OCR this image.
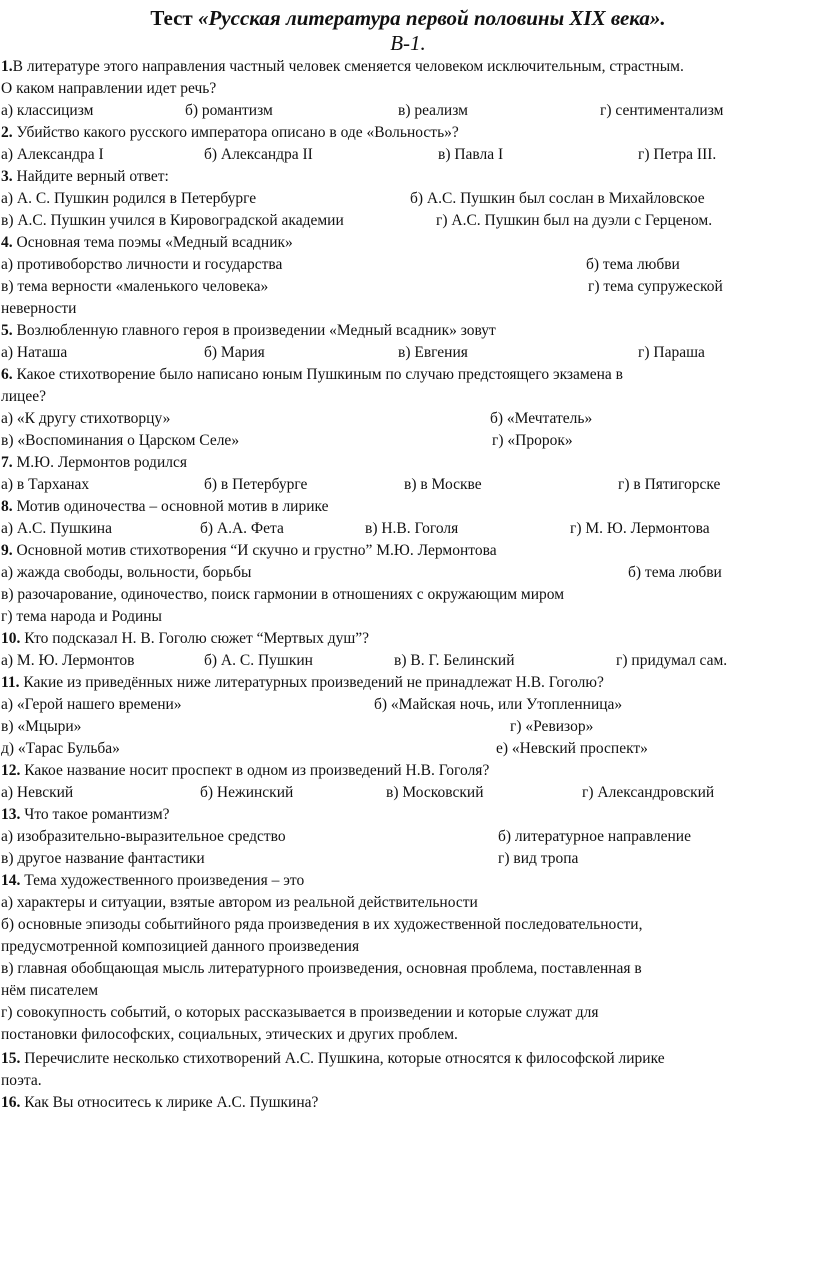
Тест «Русская литература первой половины XIX века».
В-1.
1.В литературе этого направления частный человек сменяется человеком исключительным, страстным.
О каком направлении идет речь?
а) классицизм	б) романтизм	в) реализм	г) сентиментализм
2. Убийство какого русского императора описано в оде «Вольность»?
а) Александра I	б) Александра II	в) Павла I	г) Петра III.
3. Найдите верный ответ:
а) А. С. Пушкин родился в Петербурге	б) А.С. Пушкин был сослан в Михайловское
в) А.С. Пушкин учился в Кировоградской академии	г) А.С. Пушкин был на дуэли с Герценом.
4. Основная тема поэмы «Медный всадник»
а) противоборство личности и государства	б) тема любви
в) тема верности «маленького человека»	г) тема супружеской
неверности
5. Возлюбленную главного героя в произведении «Медный всадник» зовут
а) Наташа	б) Мария	в) Евгения	г) Параша
6. Какое стихотворение было написано юным Пушкиным по случаю предстоящего экзамена в
лицее?
а) «К другу стихотворцу»	б) «Мечтатель»
в) «Воспоминания о Царском Селе»	г) «Пророк»
7. М.Ю. Лермонтов родился
а) в Тарханах	б) в Петербурге	в) в Москве	г) в Пятигорске
8. Мотив одиночества – основной мотив в лирике
а) А.С. Пушкина	б) А.А. Фета	в) Н.В. Гоголя	г) М. Ю. Лермонтова
9. Основной мотив стихотворения “И скучно и грустно” М.Ю. Лермонтова
а) жажда свободы, вольности, борьбы	б) тема любви
в) разочарование, одиночество, поиск гармонии в отношениях с окружающим миром
г) тема народа и Родины
10. Кто подсказал Н. В. Гоголю сюжет “Мертвых душ”?
а) М. Ю. Лермонтов	б) А. С. Пушкин	в) В. Г. Белинский	г) придумал сам.
11. Какие из приведённых ниже литературных произведений не принадлежат Н.В. Гоголю?
а) «Герой нашего времени»	б) «Майская ночь, или Утопленница»
в) «Мцыри»	г) «Ревизор»
д) «Тарас Бульба»	е) «Невский проспект»
12. Какое название носит проспект в одном из произведений Н.В. Гоголя?
а) Невский	б) Нежинский	в) Московский	г) Александровский
13. Что такое романтизм?
а) изобразительно-выразительное средство	б) литературное направление
в) другое название фантастики	г) вид тропа
14. Тема художественного произведения – это
а) характеры и ситуации, взятые автором из реальной действительности
б) основные эпизоды событийного ряда произведения в их художественной последовательности,
предусмотренной композицией данного произведения
в) главная обобщающая мысль литературного произведения, основная проблема, поставленная в
нём писателем
г) совокупность событий, о которых рассказывается в произведении и которые служат для
постановки философских, социальных, этических и других проблем.
15. Перечислите несколько стихотворений А.С. Пушкина, которые относятся к философской лирике
поэта.
16. Как Вы относитесь к лирике А.С. Пушкина?
